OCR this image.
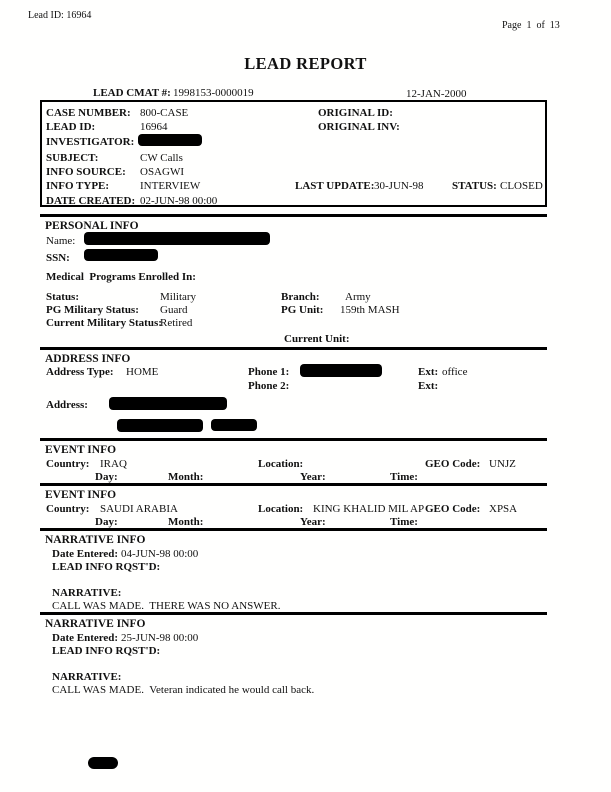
Lead ID: 16964
Page  1  of  13
LEAD REPORT
LEAD CMAT #: 1998153-0000019	12-JAN-2000
CASE NUMBER: 800-CASE	ORIGINAL ID:
LEAD ID:	16964	ORIGINAL INV:
INVESTIGATOR:
SUBJECT:	CW Calls
INFO SOURCE: OSAGWI
INFO TYPE:	INTERVIEW	LAST UPDATE: 30-JUN-98	STATUS: CLOSED
DATE CREATED: 02-JUN-98 00:00
PERSONAL INFO
Name:
SSN:
Medical  Programs Enrolled In:
Status:	Military	Branch: Army
PG Military Status: Guard	PG Unit: 159th MASH
Current Military Status:
Retired
Current Unit:
ADDRESS INFO
Address Type: HOME	Phone 1:	Ext: office
Phone 2:	Ext:
Address:
EVENT INFO
Country: IRAQ	Location:	GEO Code: UNJZ
Day:	Month:	Year:	Time:
EVENT INFO
Country: SAUDI ARABIA	Location: KING KHALID MIL AP GEO Code: XPSA
Day:	Month:	Year:	Time:
NARRATIVE INFO
Date Entered: 04-JUN-98 00:00
LEAD INFO RQST'D:
NARRATIVE:
CALL WAS MADE.  THERE WAS NO ANSWER.
NARRATIVE INFO
Date Entered: 25-JUN-98 00:00
LEAD INFO RQST'D:
NARRATIVE:
CALL WAS MADE.  Veteran indicated he would call back.
